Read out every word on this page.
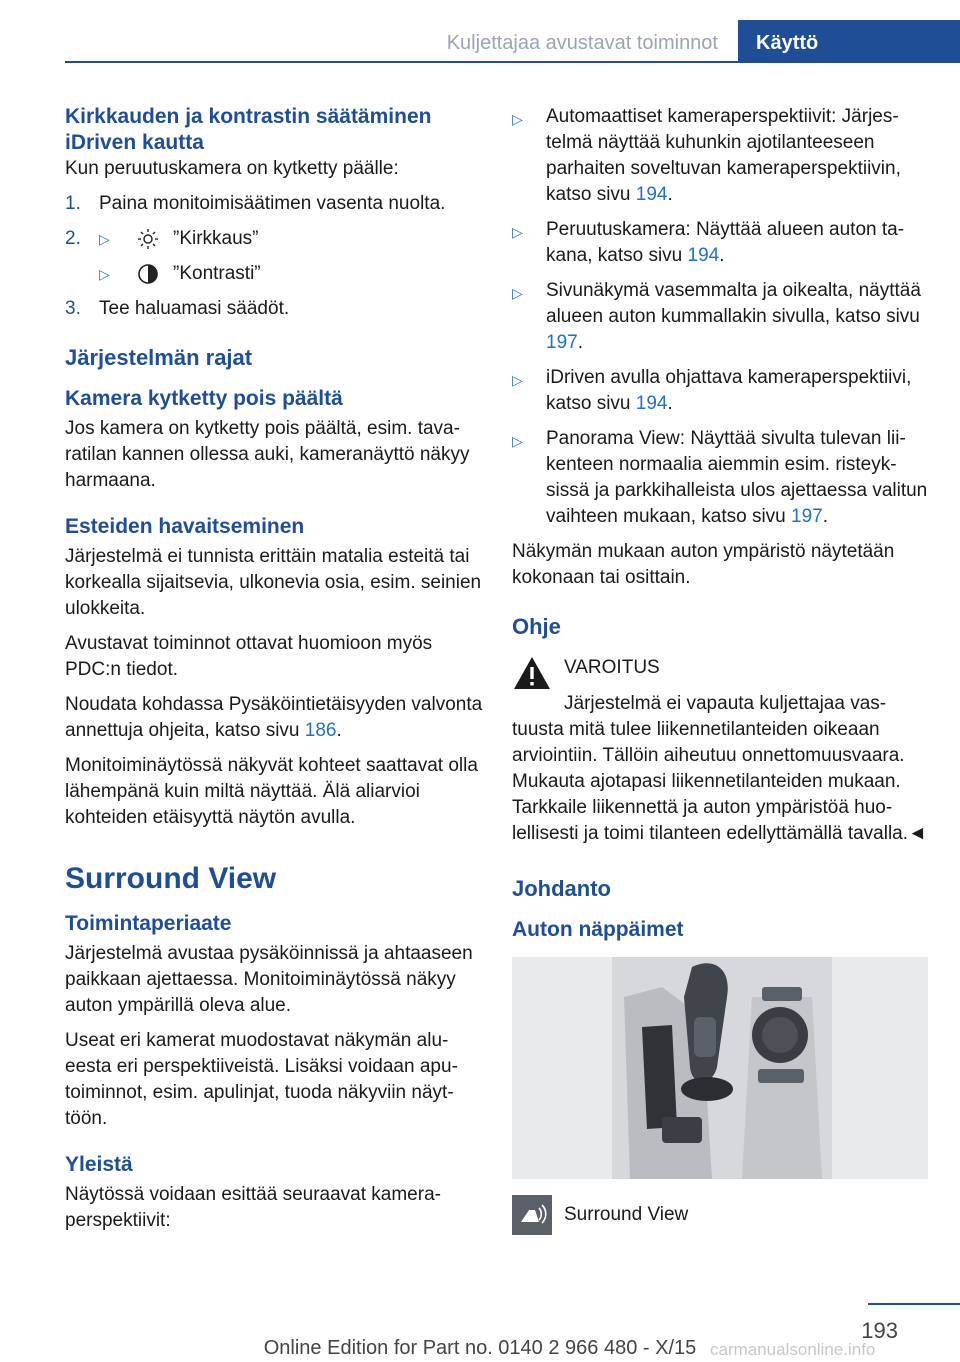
Kuljettajaa avustavat toiminnot Käyttö
Kirkkauden ja kontrastin säätäminen iDriven kautta

Kun peruutuskamera on kytketty päälle:

1. Paina monitoimisäätimen vasenta nuolta.
2.	▷	”Kirkkaus”
▷	”Kontrasti”
3. Tee haluamasi säädöt.
Järjestelmän rajat
Kamera kytketty pois päältä

Jos kamera on kytketty pois päältä, esim. tavaratilan kannen ollessa auki, kameranäyttö näkyy harmaana.

Esteiden havaitseminen

Järjestelmä ei tunnista erittäin matalia esteitä tai korkealla sijaitsevia, ulkonevia osia, esim. seinien ulokkeita.

Avustavat toiminnot ottavat huomioon myös PDC:n tiedot.

Noudata kohdassa Pysäköintietäisyyden valvonta annettuja ohjeita, katso sivu 186.

Monitoiminäytössä näkyvät kohteet saattavat olla lähempänä kuin miltä näyttää. Älä aliarvioi kohteiden etäisyyttä näytön avulla.

Surround View
Toimintaperiaate

Järjestelmä avustaa pysäköinnissä ja ahtaaseen paikkaan ajettaessa. Monitoiminäytössä näkyy auton ympärillä oleva alue.

Useat eri kamerat muodostavat näkymän alueesta eri perspektiiveistä. Lisäksi voidaan aputoiminnot, esim. apulinjat, tuoda näkyviin näyttöön.

Yleistä

Näytössä voidaan esittää seuraavat kameraperspektiivit:

▷	Automaattiset kameraperspektiivit: Järjestelmä näyttää kuhunkin ajotilanteeseen parhaiten soveltuvan kameraperspektiivin, katso sivu 194.
▷	Peruutuskamera: Näyttää alueen auton takana, katso sivu 194.
▷	Sivunäkymä vasemmalta ja oikealta, näyttää alueen auton kummallakin sivulla, katso sivu 197.
▷	iDriven avulla ohjattava kameraperspektiivi, katso sivu 194.
▷	Panorama View: Näyttää sivulta tulevan liikenteen normaalia aiemmin esim. risteyksissä ja parkkihalleista ulos ajettaessa valitun vaihteen mukaan, katso sivu 197.

Näkymän mukaan auton ympäristö näytetään kokonaan tai osittain.

Ohje
VAROITUS

Järjestelmä ei vapauta kuljettajaa vastuusta mitä tulee liikennetilanteiden oikeaan arviointiin. Tällöin aiheutuu onnettomuusvaara. Mukauta ajotapasi liikennetilanteiden mukaan. Tarkkaile liikennettä ja auton ympäristöä huolellisesti ja toimi tilanteen edellyttämällä tavalla.◄

Johdanto
Auton näppäimet
Surround View
193
Online Edition for Part no. 0140 2 966 480 - X/15 carmanualsonline.info
